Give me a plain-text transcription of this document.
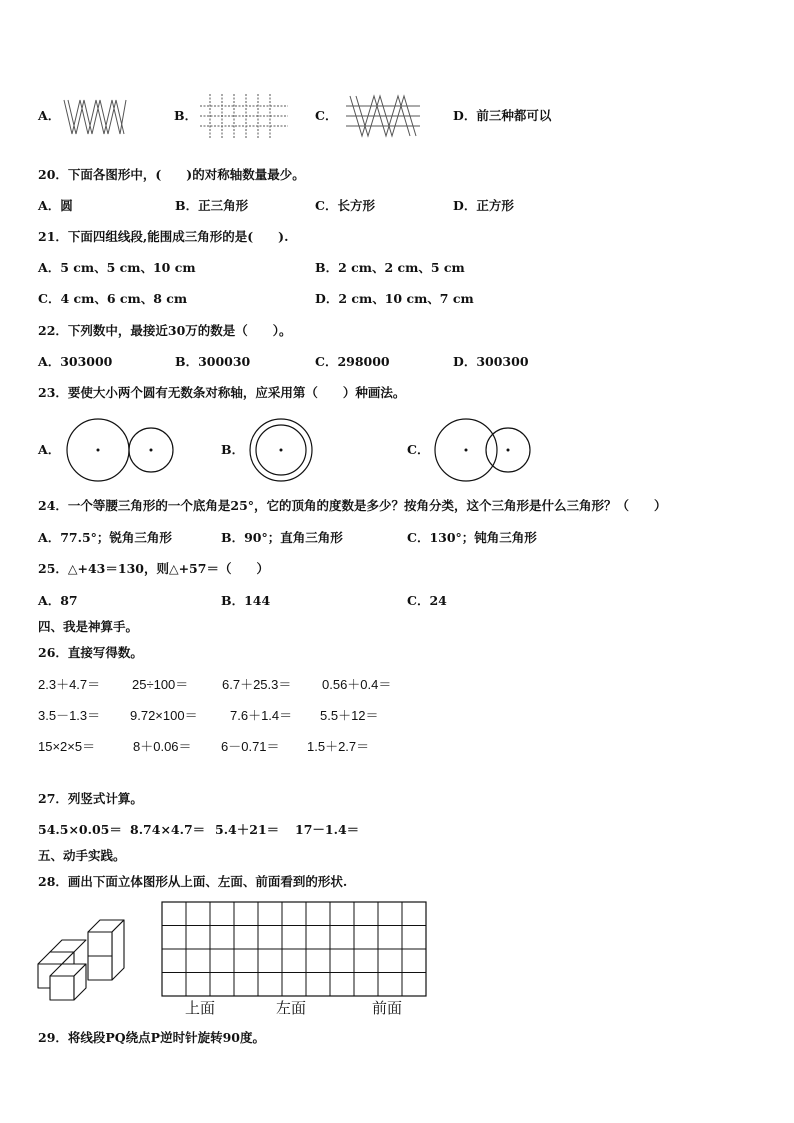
A．	B．	C．	D．前三种都可以
20．下面各图形中，(　　)的对称轴数量最少。
A．圆	B．正三角形	C．长方形	D．正方形
21．下面四组线段,能围成三角形的是(　　).
A．5 cm、5 cm、10 cm	B．2 cm、2 cm、5 cm
C．4 cm、6 cm、8 cm	D．2 cm、10 cm、7 cm
22．下列数中，最接近30万的数是（　　）。
A．303000	B．300030	C．298000	D．300300
23．要使大小两个圆有无数条对称轴，应采用第（　　）种画法。
A．	B．	C．
24．一个等腰三角形的一个底角是25°，它的顶角的度数是多少？按角分类，这个三角形是什么三角形？（　　）
A．77.5°；锐角三角形	B．90°；直角三角形	C．130°；钝角三角形
25．△+43＝130，则△+57＝（　　）
A．87	B．144	C．24
四、我是神算手。
26．直接写得数。
2.3＋4.7＝ 25÷100＝	6.7＋25.3＝ 0.56＋0.4＝
3.5－1.3＝ 9.72×100＝ 7.6＋1.4＝ 5.5＋12＝
15×2×5＝	8＋0.06＝ 6－0.71＝ 1.5＋2.7＝
27．列竖式计算。
54.5×0.05＝ 8.74×4.7＝ 5.4＋21＝ 17－1.4＝
五、动手实践。
28．画出下面立体图形从上面、左面、前面看到的形状.
上面	左面	前面
29．将线段PQ绕点P逆时针旋转90度。
